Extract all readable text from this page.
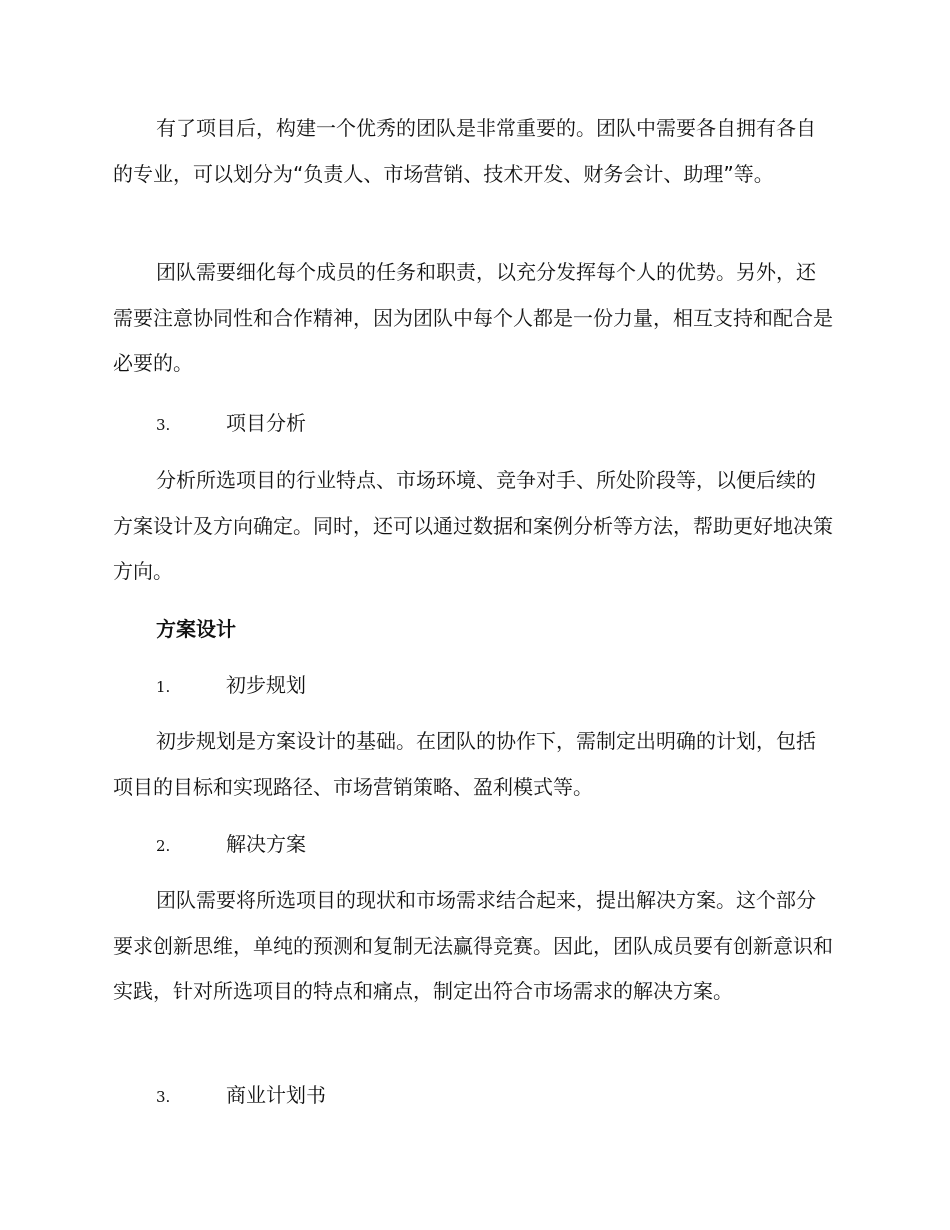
有了项目后，构建一个优秀的团队是非常重要的。团队中需要各自拥有各自的专业，可以划分为“负责人、市场营销、技术开发、财务会计、助理”等。

团队需要细化每个成员的任务和职责，以充分发挥每个人的优势。另外，还需要注意协同性和合作精神，因为团队中每个人都是一份力量，相互支持和配合是必要的。

3.	项目分析

分析所选项目的行业特点、市场环境、竞争对手、所处阶段等，以便后续的方案设计及方向确定。同时，还可以通过数据和案例分析等方法，帮助更好地决策方向。

方案设计
1.	初步规划

初步规划是方案设计的基础。在团队的协作下，需制定出明确的计划，包括项目的目标和实现路径、市场营销策略、盈利模式等。

2.	解决方案

团队需要将所选项目的现状和市场需求结合起来，提出解决方案。这个部分要求创新思维，单纯的预测和复制无法赢得竞赛。因此，团队成员要有创新意识和实践，针对所选项目的特点和痛点，制定出符合市场需求的解决方案。

3.	商业计划书
